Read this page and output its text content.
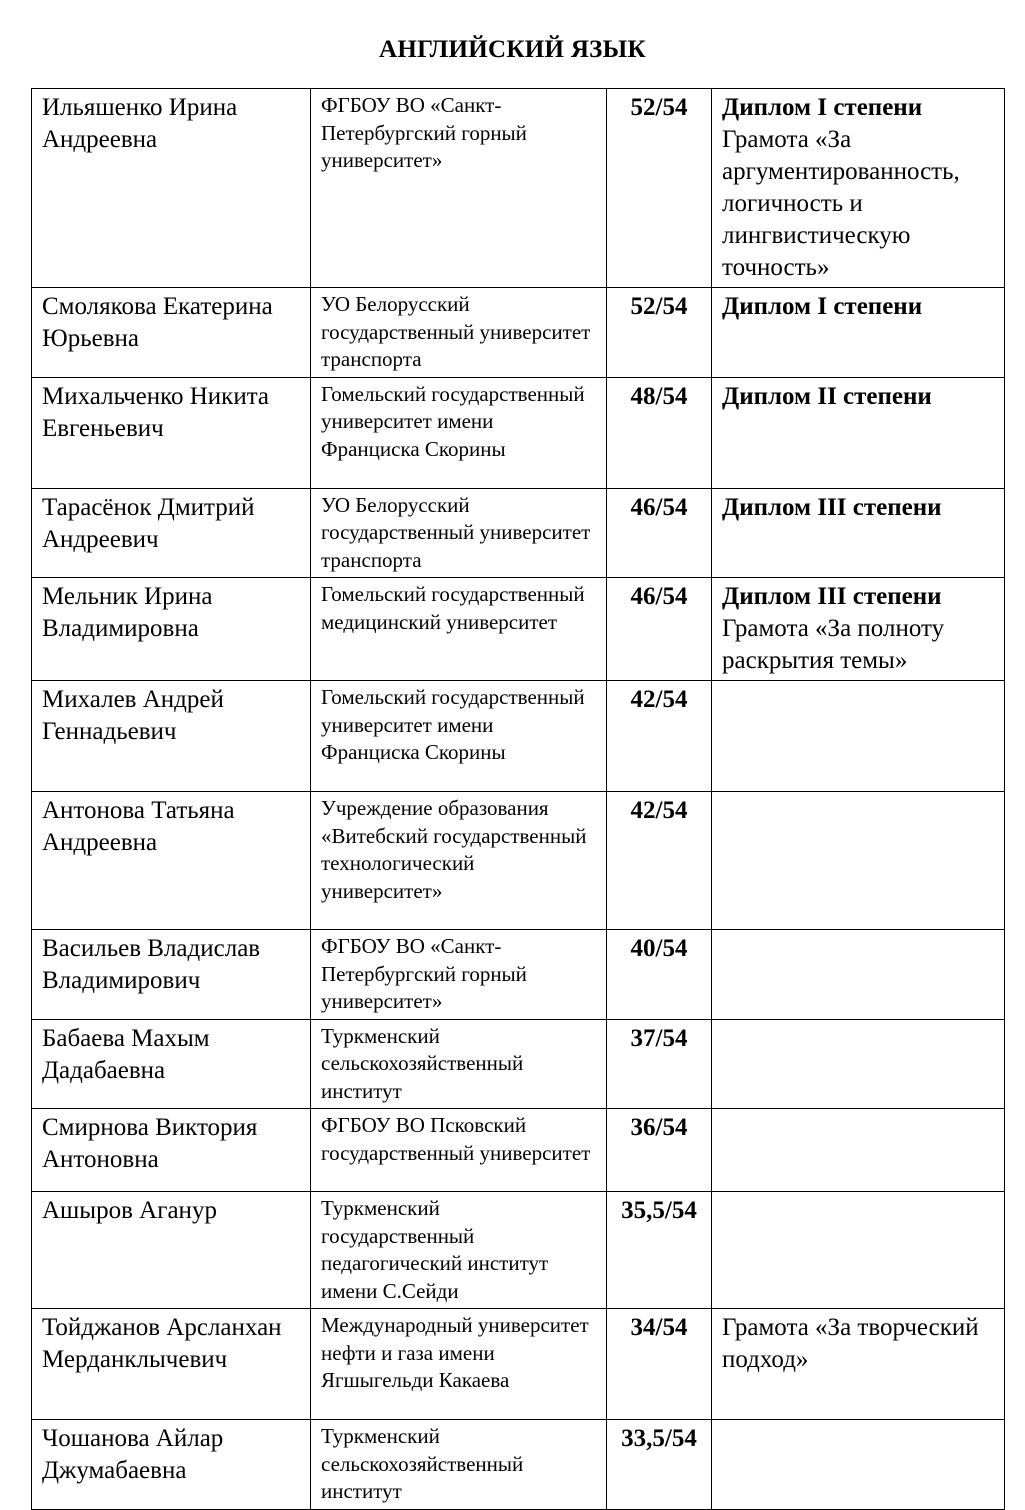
АНГЛИЙСКИЙ ЯЗЫК
Ильяшенко Ирина Андреевна	ФГБОУ ВО «Санкт-Петербургский горный университет»	52/54	Диплом I степени
Грамота «За аргументированность, логичность и лингвистическую точность»

Смолякова Екатерина Юрьевна	УО Белорусский государственный университет транспорта	52/54	Диплом I степени

Михальченко Никита Евгеньевич	Гомельский государственный университет имени Франциска Скорины	48/54	Диплом II степени

Тарасёнок Дмитрий Андреевич	УО Белорусский государственный университет транспорта	46/54	Диплом III степени

Мельник Ирина Владимировна	Гомельский государственный медицинский университет	46/54	Диплом III степени
Грамота «За полноту раскрытия темы»

Михалев Андрей Геннадьевич	Гомельский государственный университет имени Франциска Скорины	42/54	

Антонова Татьяна Андреевна	Учреждение образования «Витебский государственный технологический университет»	42/54	

Васильев Владислав Владимирович	ФГБОУ ВО «Санкт-Петербургский горный университет»	40/54	

Бабаева Махым Дадабаевна	Туркменский сельскохозяйственный институт	37/54	

Смирнова Виктория Антоновна	ФГБОУ ВО Псковский государственный университет	36/54	

Ашыров Аганур	Туркменский государственный педагогический институт имени С.Сейди	35,5/54	

Тойджанов Арсланхан Мерданклычевич	Международный университет нефти и газа имени Ягшыгельди Какаева	34/54	Грамота «За творческий подход»

Чошанова Айлар Джумабаевна	Туркменский сельскохозяйственный институт	33,5/54	
